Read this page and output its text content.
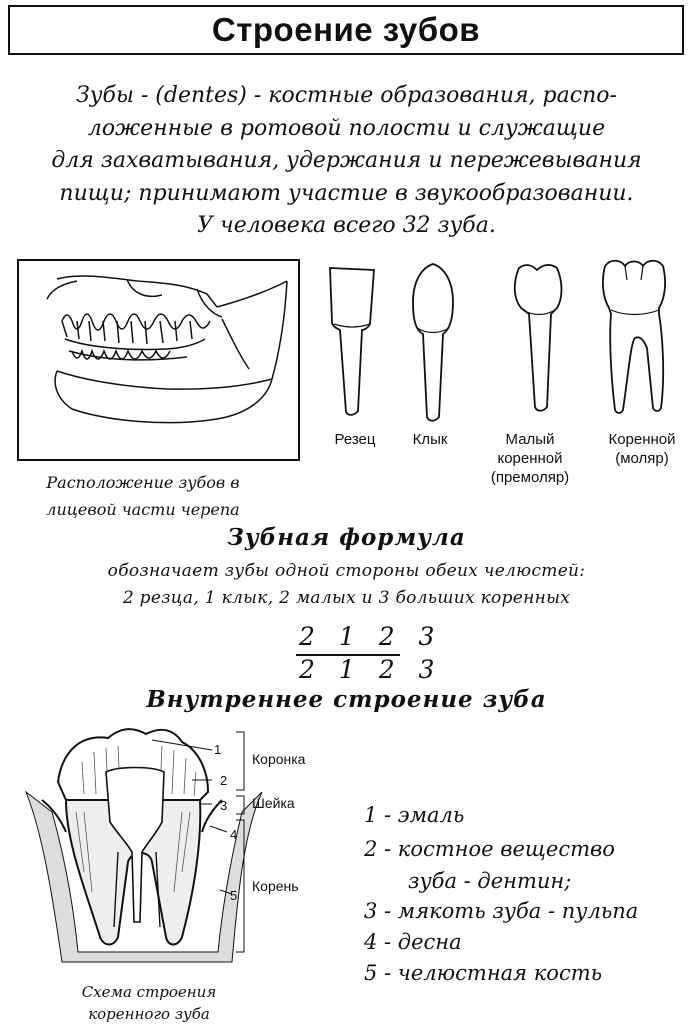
Строение зубов
Зубы - (dentes) - костные образования, распо-
ложенные в ротовой полости и служащие
для захватывания, удержания и пережевывания
пищи; принимают участие в звукообразовании.
У человека всего 32 зуба.
Расположение зубов в
лицевой части черепа
Резец	Клык	Малый
коренной
(премоляр)
Коренной
(моляр)
Зубная формула
обозначает зубы одной стороны обеих челюстей:
2 резца, 1 клык, 2 малых и 3 больших коренных
2 1 2 3
2 1 2 3
Внутреннее строение зуба
1
2
3
4
5
Коронка
Шейка
Корень
Схема строения
коренного зуба
1 - эмаль
2 - костное вещество
зуба - дентин;
3 - мякоть зуба - пульпа
4 - десна
5 - челюстная кость
